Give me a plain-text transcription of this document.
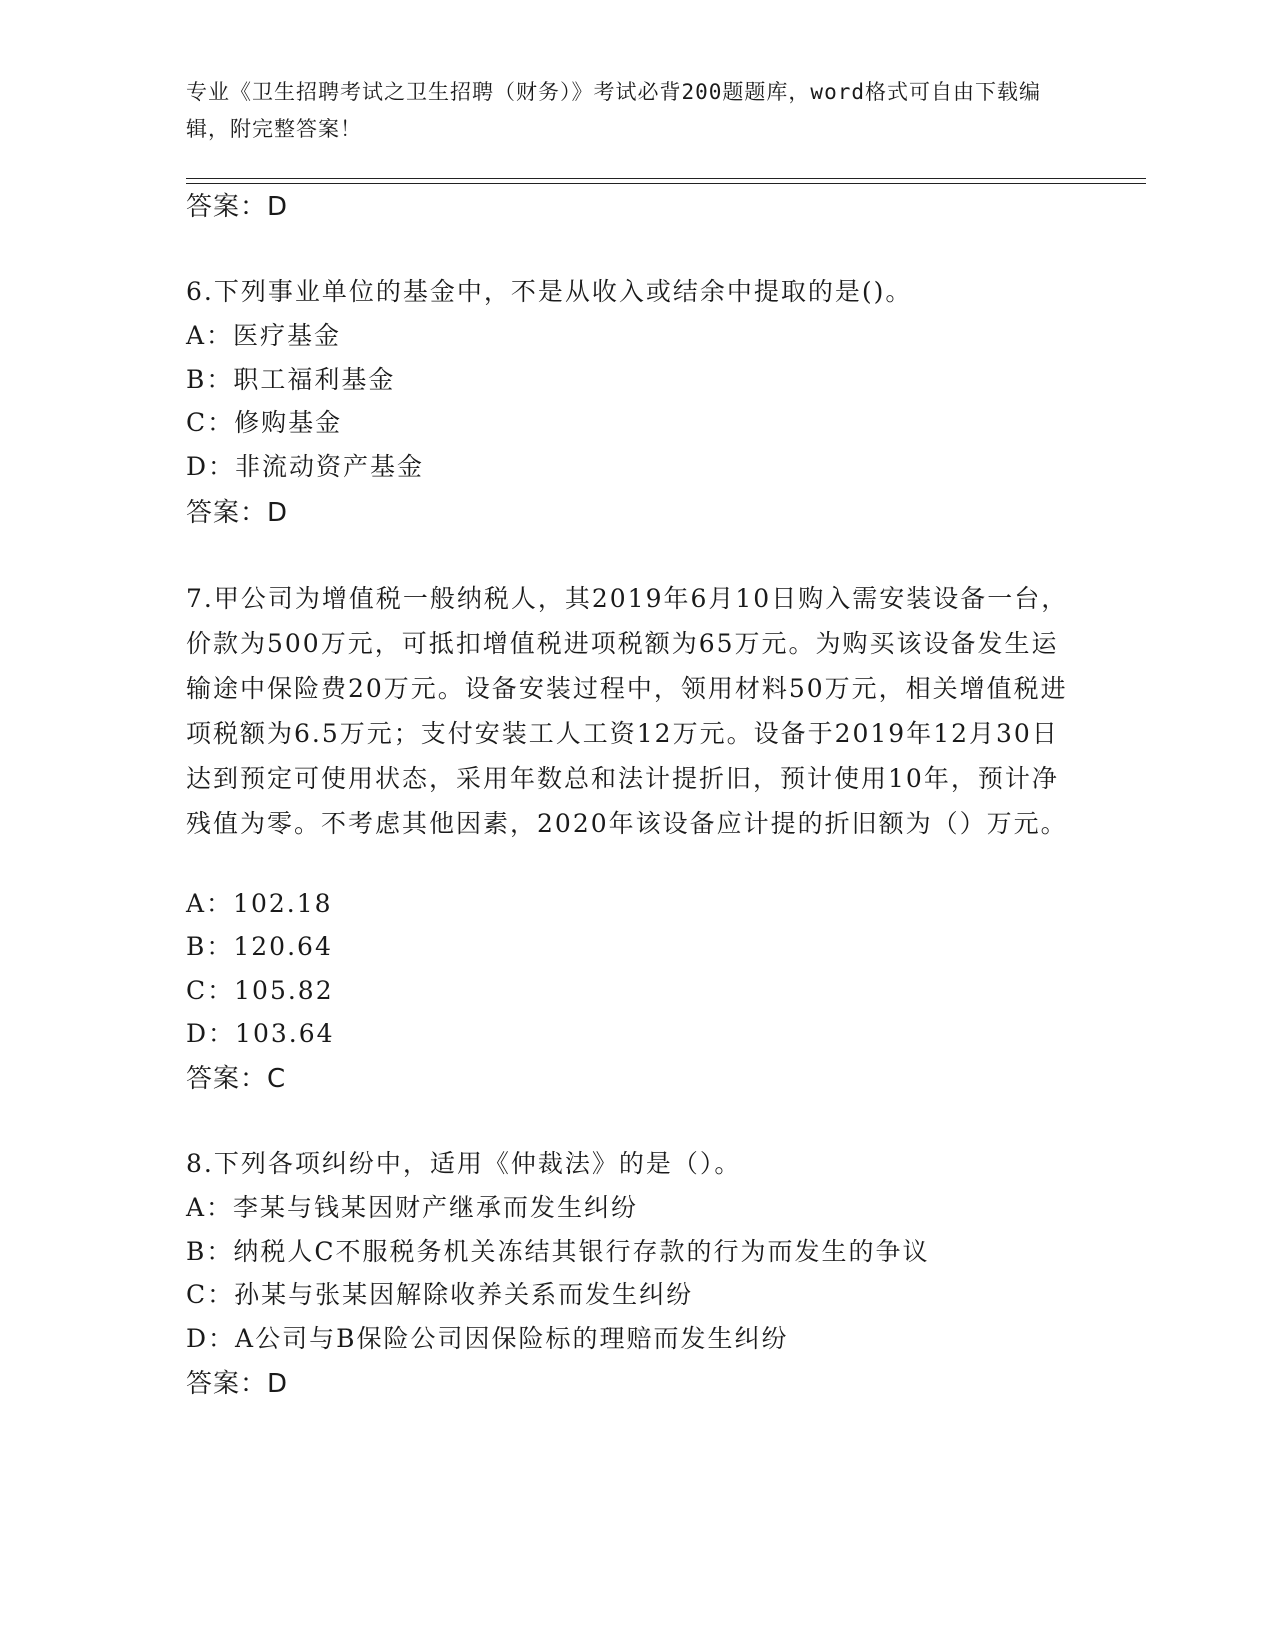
专业《卫生招聘考试之卫生招聘（财务）》考试必背200题题库，word格式可自由下载编辑，附完整答案！
答案：D
6.下列事业单位的基金中，不是从收入或结余中提取的是()。
A：医疗基金
B：职工福利基金
C：修购基金
D：非流动资产基金
答案：D
7.甲公司为增值税一般纳税人，其2019年6月10日购入需安装设备一台，价款为500万元，可抵扣增值税进项税额为65万元。为购买该设备发生运输途中保险费20万元。设备安装过程中，领用材料50万元，相关增值税进项税额为6.5万元；支付安装工人工资12万元。设备于2019年12月30日达到预定可使用状态，采用年数总和法计提折旧，预计使用10年，预计净残值为零。不考虑其他因素，2020年该设备应计提的折旧额为（）万元。
A：102.18
B：120.64
C：105.82
D：103.64
答案：C
8.下列各项纠纷中，适用《仲裁法》的是（）。
A：李某与钱某因财产继承而发生纠纷
B：纳税人C不服税务机关冻结其银行存款的行为而发生的争议
C：孙某与张某因解除收养关系而发生纠纷
D：A公司与B保险公司因保险标的理赔而发生纠纷
答案：D
